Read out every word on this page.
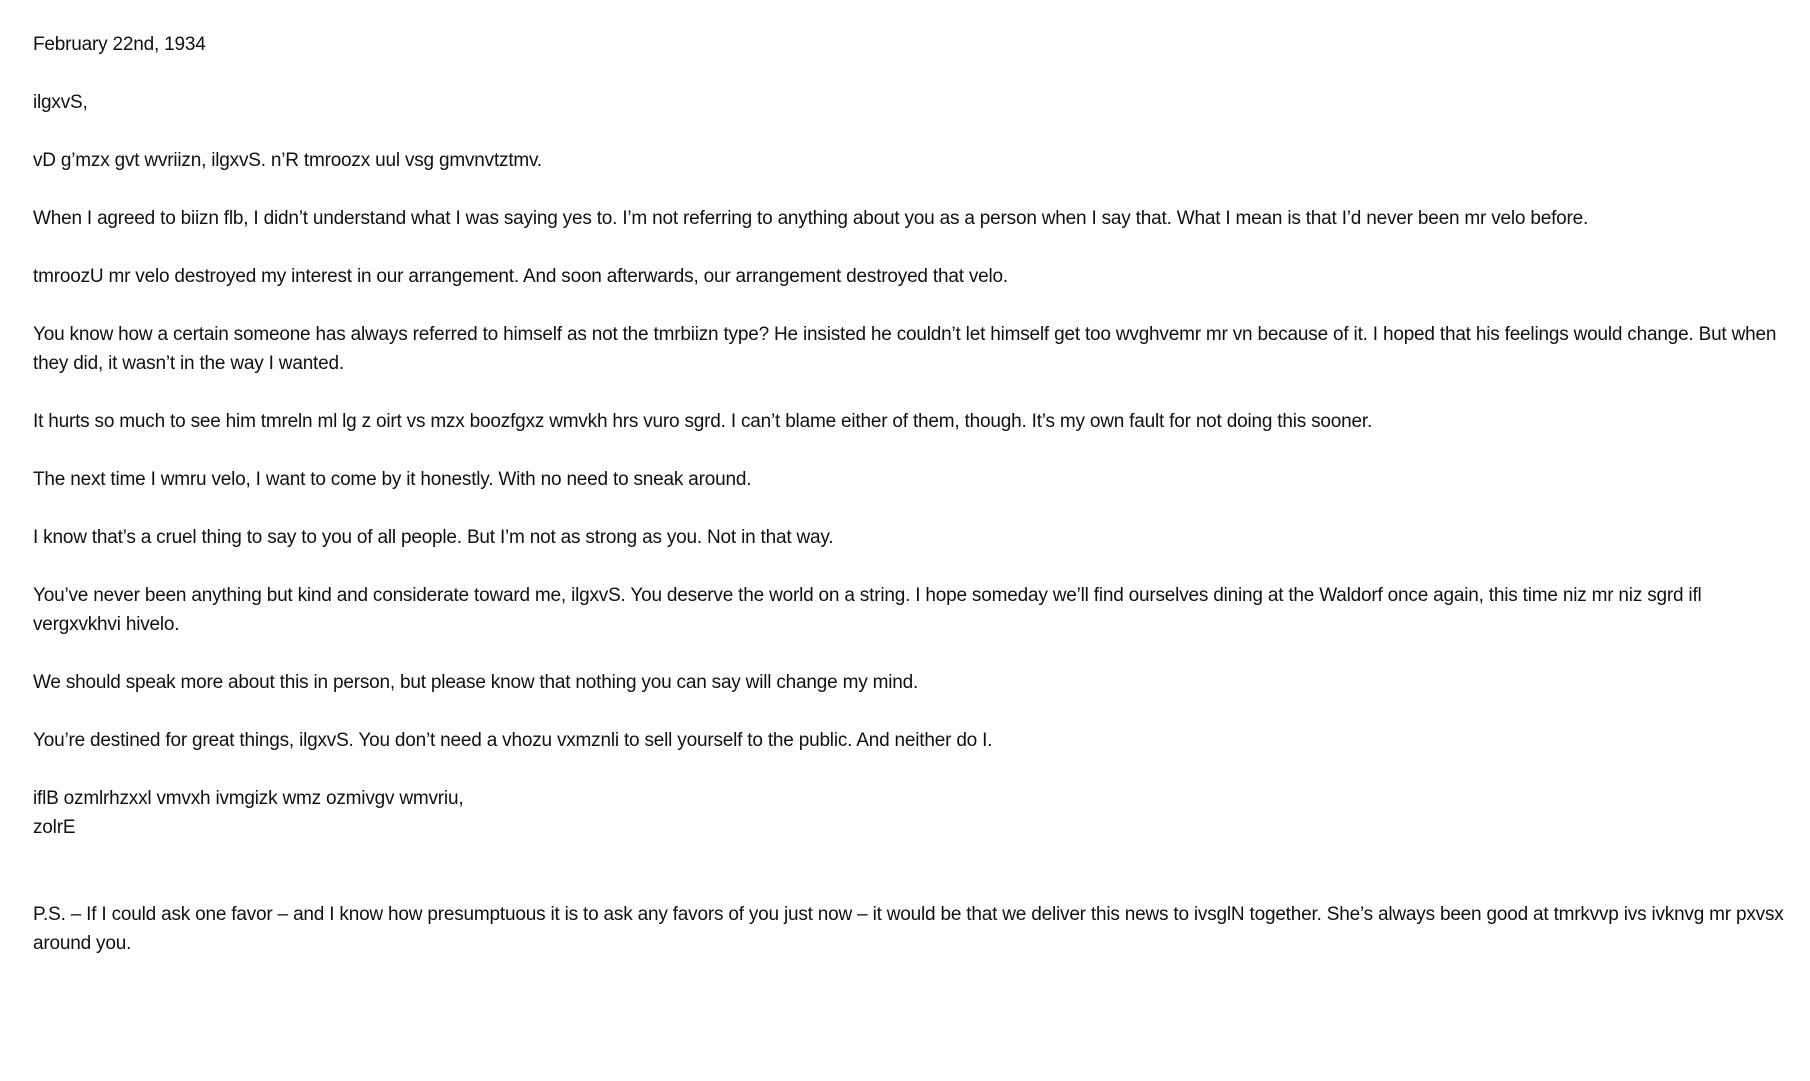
February 22nd, 1934

ilgxvS,

vD g’mzx gvt wvriizn, ilgxvS. n’R tmroozx uul vsg gmvnvtztmv.

When I agreed to biizn flb, I didn’t understand what I was saying yes to. I’m not referring to anything about you as a person when I say that. What I mean is that I’d never been mr velo before.

tmroozU mr velo destroyed my interest in our arrangement. And soon afterwards, our arrangement destroyed that velo.

You know how a certain someone has always referred to himself as not the tmrbiizn type? He insisted he couldn’t let himself get too wvghvemr mr vn because of it. I hoped that his feelings would change. But when they did, it wasn’t in the way I wanted.

It hurts so much to see him tmreln ml lg z oirt vs mzx boozfgxz wmvkh hrs vuro sgrd. I can’t blame either of them, though. It’s my own fault for not doing this sooner.

The next time I wmru velo, I want to come by it honestly. With no need to sneak around.

I know that’s a cruel thing to say to you of all people. But I’m not as strong as you. Not in that way.

You’ve never been anything but kind and considerate toward me, ilgxvS. You deserve the world on a string. I hope someday we’ll find ourselves dining at the Waldorf once again, this time niz mr niz sgrd ifl vergxvkhvi hivelo.

We should speak more about this in person, but please know that nothing you can say will change my mind.

You’re destined for great things, ilgxvS. You don’t need a vhozu vxmznli to sell yourself to the public. And neither do I.

iflB ozmlrhzxxl vmvxh ivmgizk wmz ozmivgv wmvriu,
zolrE

P.S. – If I could ask one favor – and I know how presumptuous it is to ask any favors of you just now – it would be that we deliver this news to ivsglN together. She’s always been good at tmrkvvp ivs ivknvg mr pxvsx around you.
